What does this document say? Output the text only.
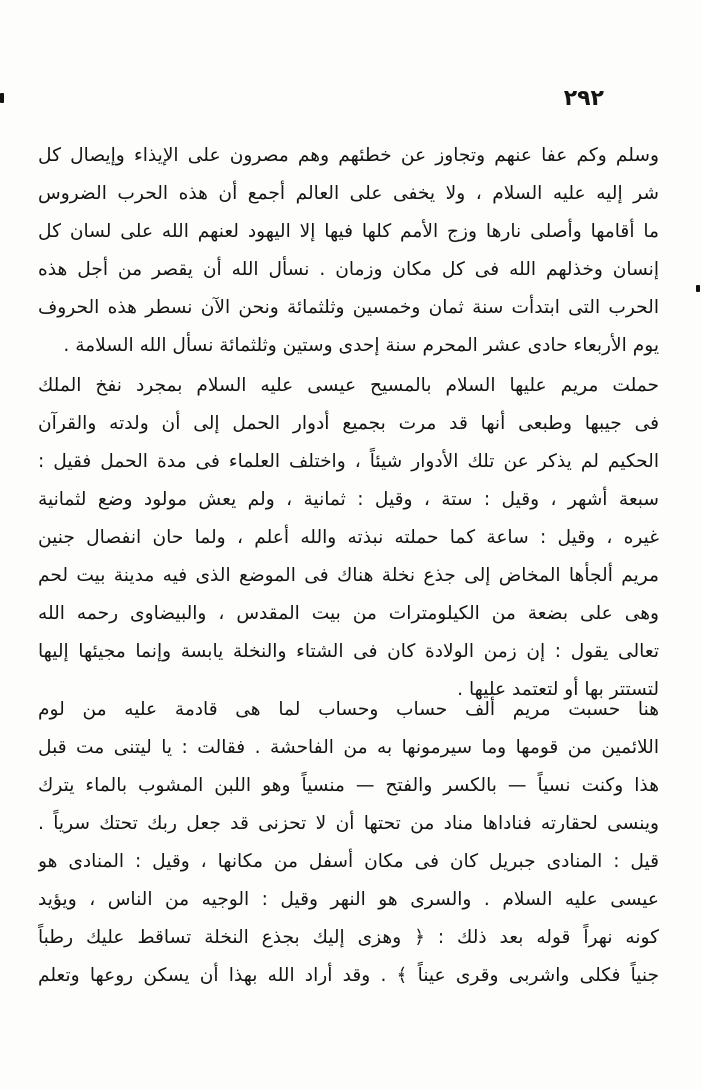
٢٩٢
وسلم وكم عفا عنهم وتجاوز عن خطئهم وهم مصرون على الإيذاء وإيصال كل
شر إليه عليه السلام ، ولا يخفى على العالم أجمع أن هذه الحرب الضروس
ما أقامها وأصلى نارها وزج الأمم كلها فيها إلا اليهود لعنهم الله على لسان كل
إنسان وخذلهم الله فى كل مكان وزمان . نسأل الله أن يقصر من أجل هذه
الحرب التى ابتدأت سنة ثمان وخمسين وثلثمائة ونحن الآن نسطر هذه الحروف
يوم الأربعاء حادى عشر المحرم سنة إحدى وستين وثلثمائة نسأل الله السلامة .
حملت مريم عليها السلام بالمسيح عيسى عليه السلام بمجرد نفخ الملك
فى جيبها وطبعى أنها قد مرت بجميع أدوار الحمل إلى أن ولدته والقرآن
الحكيم لم يذكر عن تلك الأدوار شيئاً ، واختلف العلماء فى مدة الحمل فقيل :
سبعة أشهر ، وقيل : ستة ، وقيل : ثمانية ، ولم يعش مولود وضع لثمانية
غيره ، وقيل : ساعة كما حملته نبذته والله أعلم ، ولما حان انفصال جنين
مريم ألجأها المخاض إلى جذع نخلة هناك فى الموضع الذى فيه مدينة بيت لحم
وهى على بضعة من الكيلومترات من بيت المقدس ، والبيضاوى رحمه الله
تعالى يقول : إن زمن الولادة كان فى الشتاء والنخلة يابسة وإنما مجيئها إليها
لتستتر بها أو لتعتمد عليها .
هنا حسبت مريم ألف حساب وحساب لما هى قادمة عليه من لوم
اللائمين من قومها وما سيرمونها به من الفاحشة . فقالت : يا ليتنى مت قبل
هذا وكنت نسياً — بالكسر والفتح — منسياً وهو اللبن المشوب بالماء يترك
وينسى لحقارته فناداها مناد من تحتها أن لا تحزنى قد جعل ربك تحتك سرياً .
قيل : المنادى جبريل كان فى مكان أسفل من مكانها ، وقيل : المنادى هو
عيسى عليه السلام . والسرى هو النهر وقيل : الوجيه من الناس ، ويؤيد
كونه نهراً قوله بعد ذلك : ﴿ وهزى إليك بجذع النخلة تساقط عليك رطباً
جنياً فكلى واشربى وقرى عيناً ﴾ . وقد أراد الله بهذا أن يسكن روعها وتعلم
